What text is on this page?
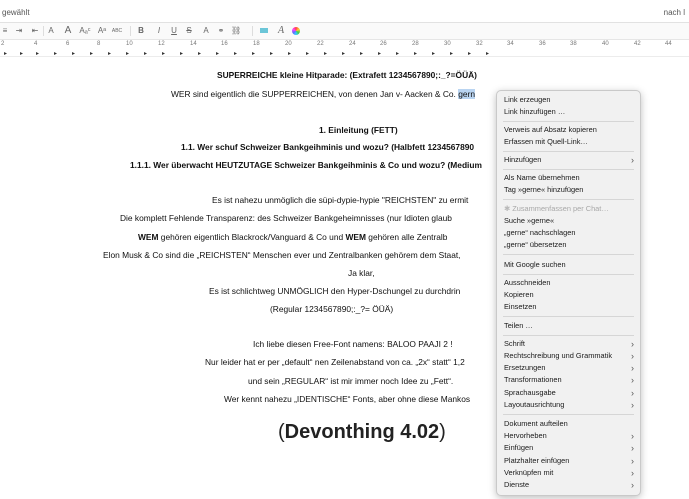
gewählt	nach l
≡ ⇥ ⇤ A A Aₐᶜ Aᵃ	ABC B	I	U S A ⚭ ⛓	A
2	4	6	8	10	12	14	16	18	20	22	24	26	28	30	32	34	36	38	40	42	44
▸ ▸ ▸ ▸ ▸ ▸ ▸ ▸ ▸ ▸ ▸ ▸ ▸ ▸ ▸ ▸ ▸ ▸ ▸ ▸ ▸ ▸ ▸ ▸ ▸ ▸ ▸ ▸
SUPERREICHE kleine Hitparade: (Extrafett 1234567890;:_?=ÖÜÄ)
WER sind eigentlich die SUPPERREICHEN, von denen Jan v- Aacken & Co. gern
1. Einleitung (FETT)
1.1. Wer schuf Schweizer Bankgeihminis und wozu? (Halbfett 1234567890
1.1.1. Wer überwacht HEUTZUTAGE Schweizer Bankgeihminis & Co und wozu? (Medium
Es ist nahezu unmöglich die süpi-dypie-hypie "REICHSTEN" zu ermit
Die komplett Fehlende Transparenz: des Schweizer Bankgeheimnisses (nur Idioten glaub
WEM gehören eigentlich Blackrock/Vanguard & Co und WEM gehören alle Zentralb
Elon Musk & Co sind die „REICHSTEN“ Menschen ever und Zentralbanken gehörem dem Staat,
Ja klar,
Es ist schlichtweg UNMÖGLICH den Hyper-Dschungel zu durchdrin
(Regular 1234567890;:_?= ÖÜÄ)
Ich liebe diesen Free-Font namens: BALOO PAAJI 2 !
Nur leider hat er per „default“ nen Zeilenabstand von ca. „2x“ statt“ 1,2
und sein „REGULAR“ ist mir immer noch Idee zu „Fett“.
Wer kennt nahezu „IDENTISCHE“ Fonts, aber ohne diese Mankos
(Devonthing 4.02)
Link erzeugen
Link hinzufügen …
Verweis auf Absatz kopieren
Erfassen mit Quell-Link…
Hinzufügen	›
Als Name übernehmen
Tag »gerne« hinzufügen
✱ Zusammenfassen per Chat…
Suche »gerne«
„gerne“ nachschlagen
„gerne“ übersetzen
Mit Google suchen
Ausschneiden
Kopieren
Einsetzen
Teilen …
Schrift	›
Rechtschreibung und Grammatik ›
Ersetzungen	›
Transformationen	›
Sprachausgabe	›
Layoutausrichtung	›
Dokument aufteilen
Hervorheben	›
Einfügen	›
Platzhalter einfügen	›
Verknüpfen mit	›
Dienste	›
